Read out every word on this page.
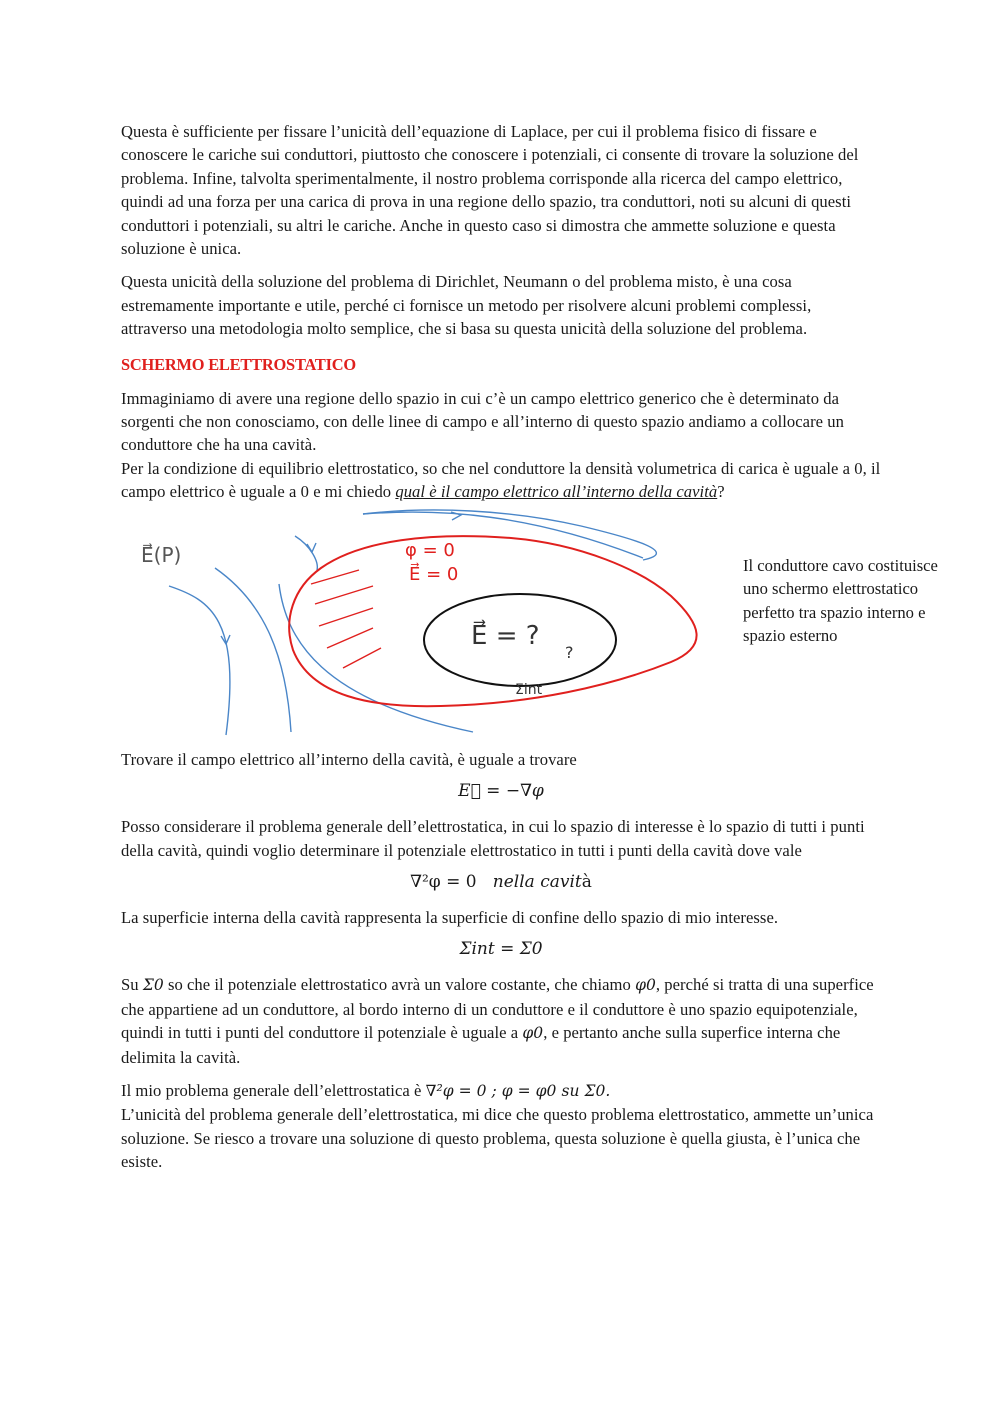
Questa è sufficiente per fissare l’unicità dell’equazione di Laplace, per cui il problema fisico di fissare e conoscere le cariche sui conduttori, piuttosto che conoscere i potenziali, ci consente di trovare la soluzione del problema. Infine, talvolta sperimentalmente, il nostro problema corrisponde alla ricerca del campo elettrico, quindi ad una forza per una carica di prova in una regione dello spazio, tra conduttori, noti su alcuni di questi conduttori i potenziali, su altri le cariche. Anche in questo caso si dimostra che ammette soluzione e questa soluzione è unica.

Questa unicità della soluzione del problema di Dirichlet, Neumann o del problema misto, è una cosa estremamente importante e utile, perché ci fornisce un metodo per risolvere alcuni problemi complessi, attraverso una metodologia molto semplice, che si basa su questa unicità della soluzione del problema.

SCHERMO ELETTROSTATICO

Immaginiamo di avere una regione dello spazio in cui c’è un campo elettrico generico che è determinato da sorgenti che non conosciamo, con delle linee di campo e all’interno di questo spazio andiamo a collocare un conduttore che ha una cavità.
Per la condizione di equilibrio elettrostatico, so che nel conduttore la densità volumetrica di carica è uguale a 0, il campo elettrico è uguale a 0 e mi chiedo qual è il campo elettrico all’interno della cavità?

E⃗(P)	φ = 0
E⃗ = 0
E⃗ = ?
?
Σint
Il conduttore cavo costituisce uno schermo elettrostatico perfetto tra spazio interno e spazio esterno

Trovare il campo elettrico all’interno della cavità, è uguale a trovare

E⃗ = −∇φ

Posso considerare il problema generale dell’elettrostatica, in cui lo spazio di interesse è lo spazio di tutti i punti della cavità, quindi voglio determinare il potenziale elettrostatico in tutti i punti della cavità dove vale

∇²φ = 0 nella cavità

La superficie interna della cavità rappresenta la superficie di confine dello spazio di mio interesse.

Σint = Σ0

Su Σ0 so che il potenziale elettrostatico avrà un valore costante, che chiamo φ0, perché si tratta di una superfice che appartiene ad un conduttore, al bordo interno di un conduttore e il conduttore è uno spazio equipotenziale, quindi in tutti i punti del conduttore il potenziale è uguale a φ0, e pertanto anche sulla superfice interna che delimita la cavità.

Il mio problema generale dell’elettrostatica è ∇²φ = 0 ; φ = φ0 su Σ0.
L’unicità del problema generale dell’elettrostatica, mi dice che questo problema elettrostatico, ammette un’unica soluzione. Se riesco a trovare una soluzione di questo problema, questa soluzione è quella giusta, è l’unica che esiste.
